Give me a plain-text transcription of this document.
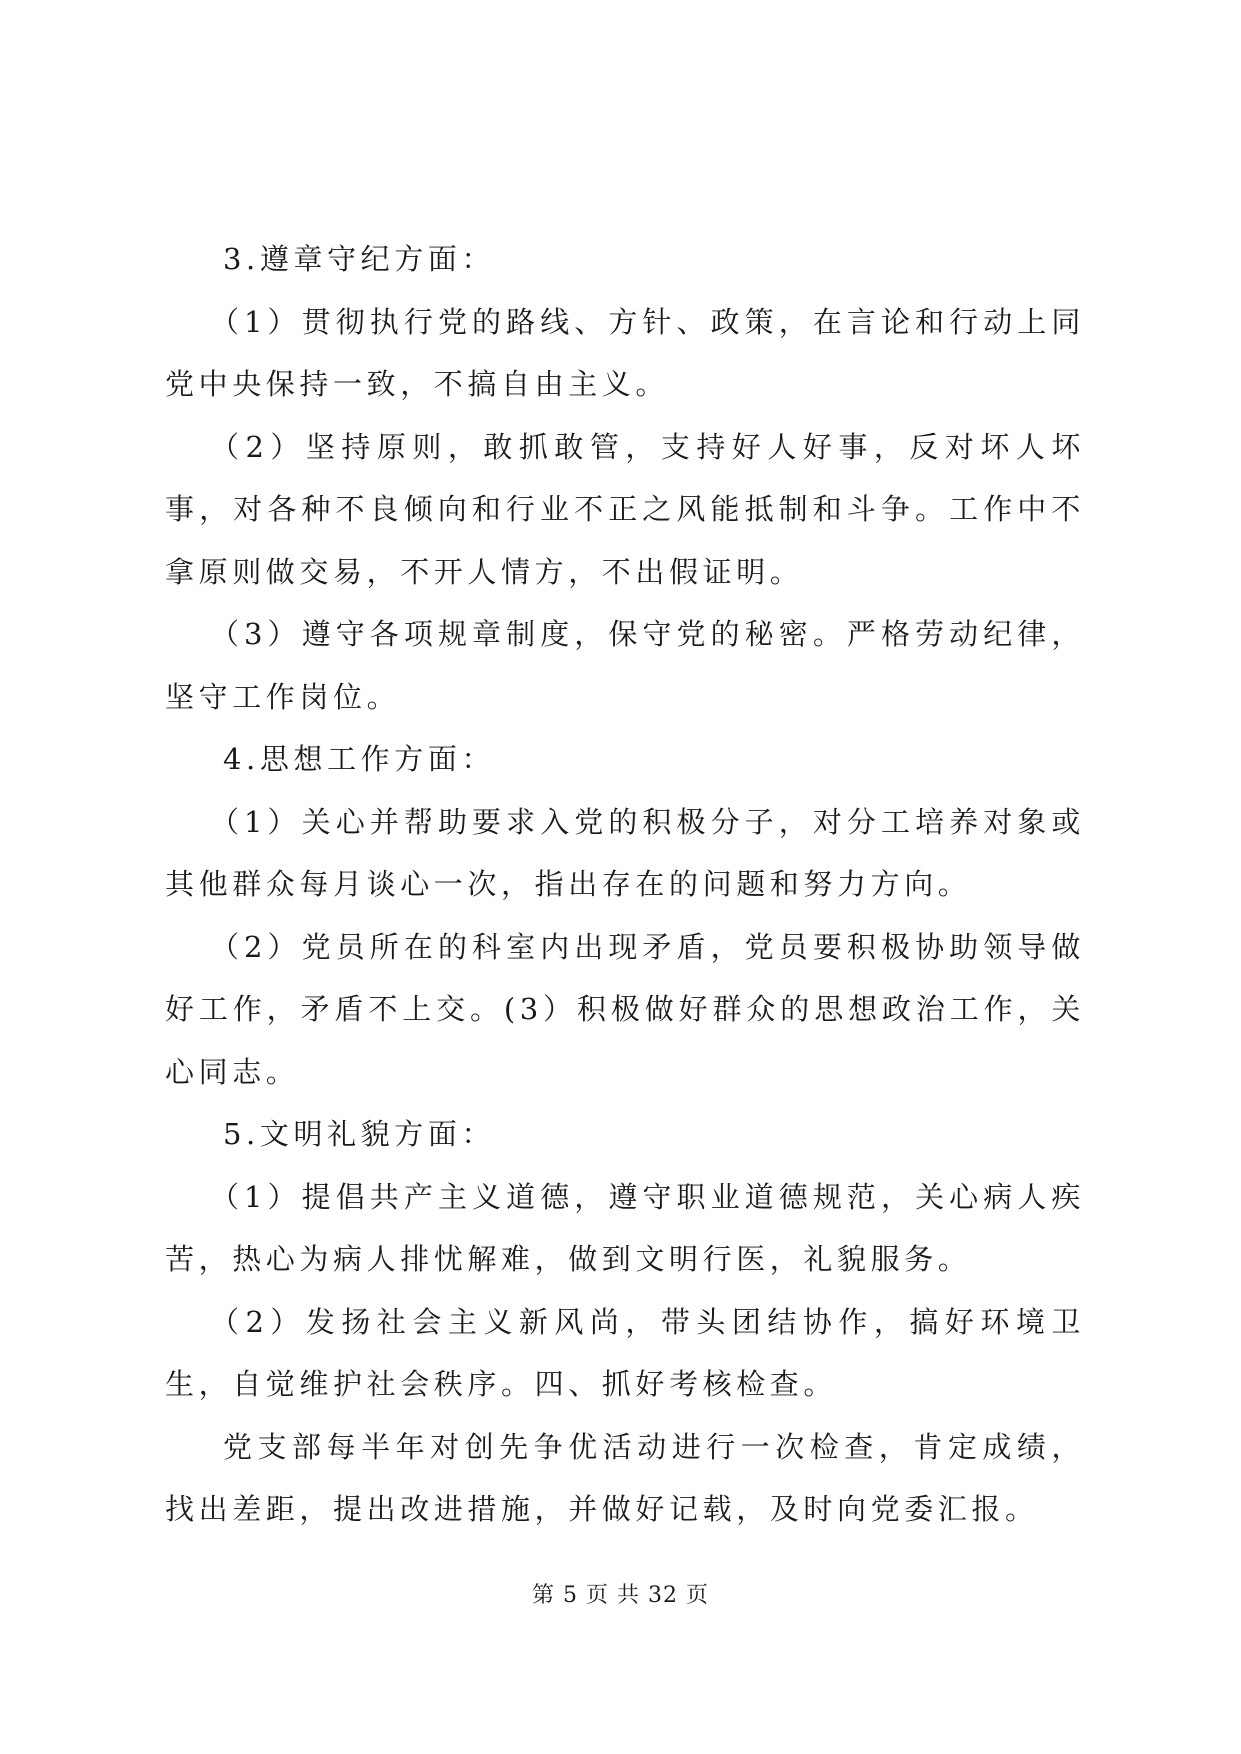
3.遵章守纪方面：

（1）贯彻执行党的路线、方针、政策，在言论和行动上同党中央保持一致，不搞自由主义。

（2）坚持原则，敢抓敢管，支持好人好事，反对坏人坏事，对各种不良倾向和行业不正之风能抵制和斗争。工作中不拿原则做交易，不开人情方，不出假证明。

（3）遵守各项规章制度，保守党的秘密。严格劳动纪律，坚守工作岗位。

4.思想工作方面：

（1）关心并帮助要求入党的积极分子，对分工培养对象或其他群众每月谈心一次，指出存在的问题和努力方向。

（2）党员所在的科室内出现矛盾，党员要积极协助领导做好工作，矛盾不上交。(3）积极做好群众的思想政治工作，关心同志。

5.文明礼貌方面：

（1）提倡共产主义道德，遵守职业道德规范，关心病人疾苦，热心为病人排忧解难，做到文明行医，礼貌服务。

（2）发扬社会主义新风尚，带头团结协作，搞好环境卫生，自觉维护社会秩序。四、抓好考核检查。

党支部每半年对创先争优活动进行一次检查，肯定成绩，找出差距，提出改进措施，并做好记载，及时向党委汇报。

第 5 页 共 32 页
